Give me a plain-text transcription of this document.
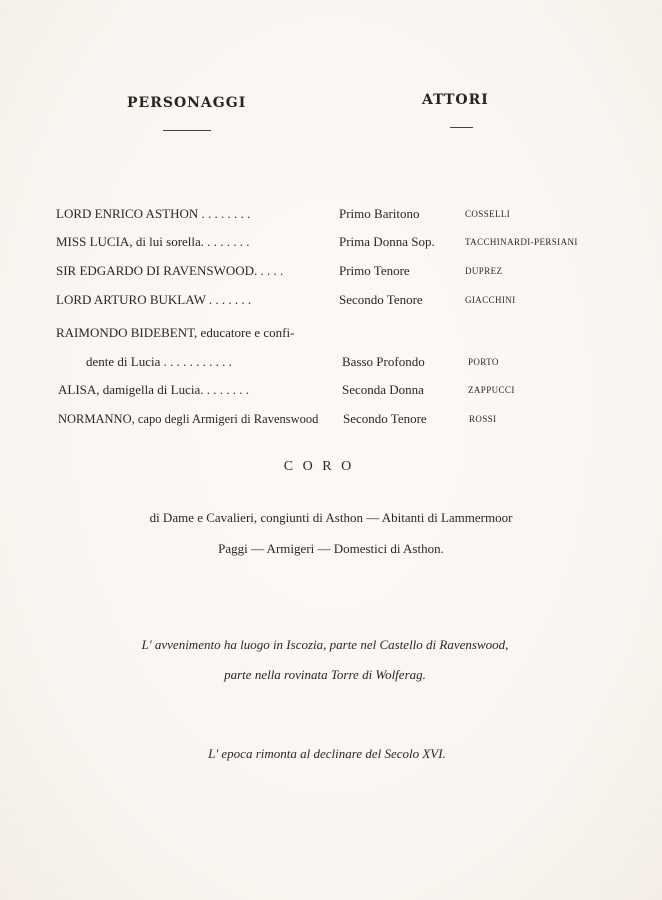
PERSONAGGI	ATTORI
LORD ENRICO ASTHON . . . . . . . .	Primo Baritono	COSSELLI
MISS LUCIA, di lui sorella. . . . . . . .	Prima Donna Sop.	TACCHINARDI-PERSIANI
SIR EDGARDO DI RAVENSWOOD. . . . .	Primo Tenore	DUPREZ
LORD ARTURO BUKLAW . . . . . . .	Secondo Tenore	GIACCHINI
RAIMONDO BIDEBENT, educatore e confi-
dente di Lucia . . . . . . . . . . .	Basso Profondo	PORTO
ALISA, damigella di Lucia. . . . . . . .	Seconda Donna	ZAPPUCCI
NORMANNO, capo degli Armigeri di Ravenswood	Secondo Tenore	ROSSI
C O R O
di Dame e Cavalieri, congiunti di Asthon — Abitanti di Lammermoor
Paggi — Armigeri — Domestici di Asthon.
L' avvenimento ha luogo in Iscozia, parte nel Castello di Ravenswood,
parte nella rovinata Torre di Wolferag.
L' epoca rimonta al declinare del Secolo XVI.
